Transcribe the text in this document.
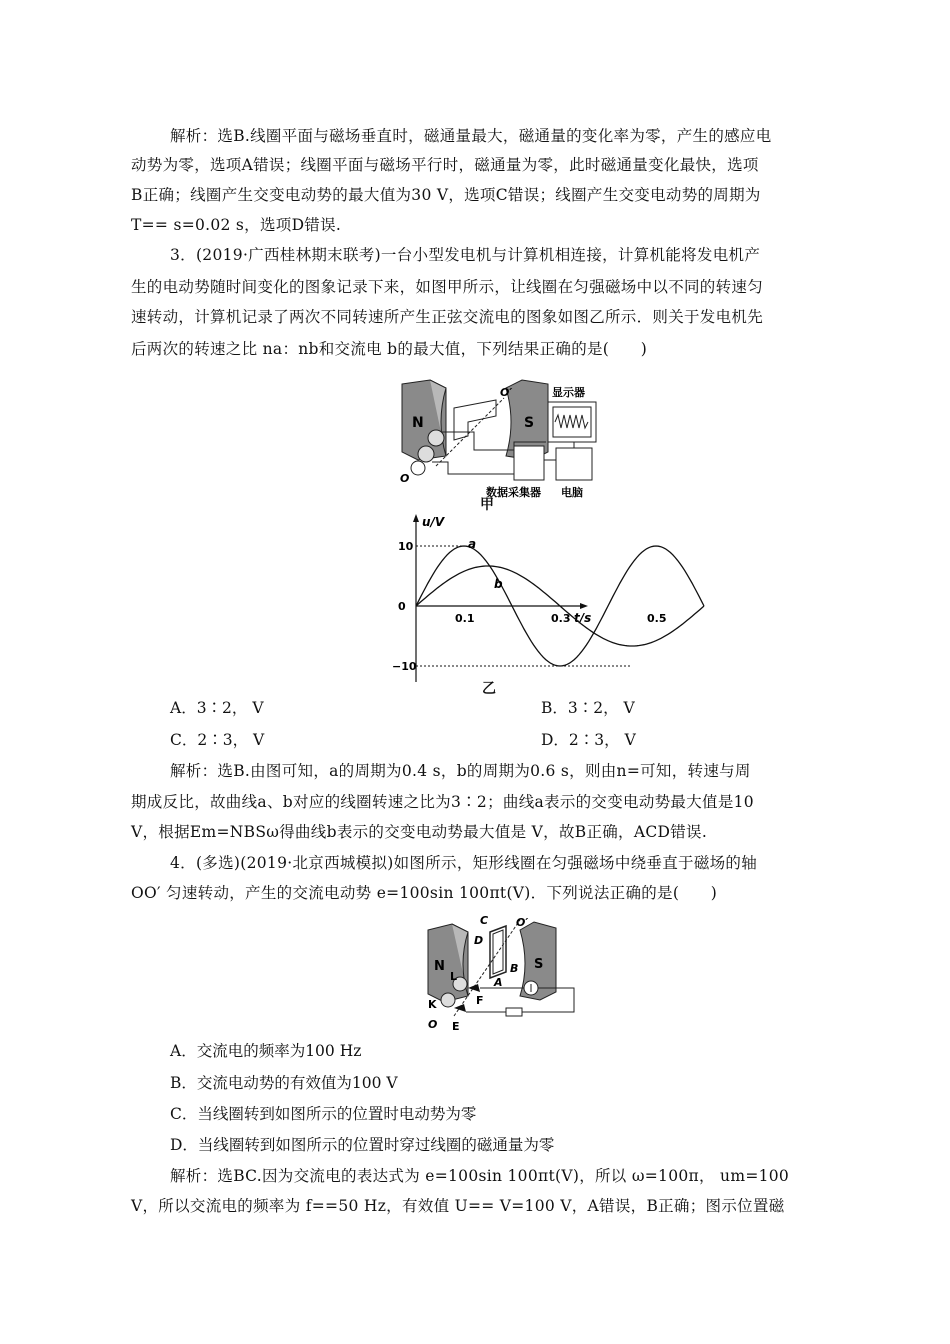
解析：选B.线圈平面与磁场垂直时，磁通量最大，磁通量的变化率为零，产生的感应电
动势为零，选项A错误；线圈平面与磁场平行时，磁通量为零，此时磁通量变化最快，选项
B正确；线圈产生交变电动势的最大值为30 V，选项C错误；线圈产生交变电动势的周期为
T== s=0.02 s，选项D错误.
3．(2019·广西桂林期末联考)一台小型发电机与计算机相连接，计算机能将发电机产
生的电动势随时间变化的图象记录下来，如图甲所示，让线圈在匀强磁场中以不同的转速匀
速转动，计算机记录了两次不同转速所产生正弦交流电的图象如图乙所示．则关于发电机先
后两次的转速之比 na：nb和交流电 b的最大值，下列结果正确的是(　　)
N	S
O′
O
显示器
数据采集器 电脑
甲
u/V
t/s
a
b
0.1	0.3	0.5
10
0
−10
乙
A．3∶2， V	B．3∶2， V
C．2∶3， V	D．2∶3， V
解析：选B.由图可知，a的周期为0.4 s，b的周期为0.6 s，则由n=可知，转速与周
期成反比，故曲线a、b对应的线圈转速之比为3∶2；曲线a表示的交变电动势最大值是10
V，根据Em=NBSω得曲线b表示的交变电动势最大值是 V，故B正确，ACD错误.
4．(多选)(2019·北京西城模拟)如图所示，矩形线圈在匀强磁场中绕垂直于磁场的轴
OO′ 匀速转动，产生的交流电动势 e=100sin 100πt(V)．下列说法正确的是(　　)
N	S
C
D
B
A
O′
L
K
O
F
E
A．交流电的频率为100 Hz
B．交流电动势的有效值为100 V
C．当线圈转到如图所示的位置时电动势为零
D．当线圈转到如图所示的位置时穿过线圈的磁通量为零
解析：选BC.因为交流电的表达式为 e=100sin 100πt(V)，所以 ω=100π， um=100
V，所以交流电的频率为 f==50 Hz，有效值 U== V=100 V，A错误，B正确；图示位置磁
